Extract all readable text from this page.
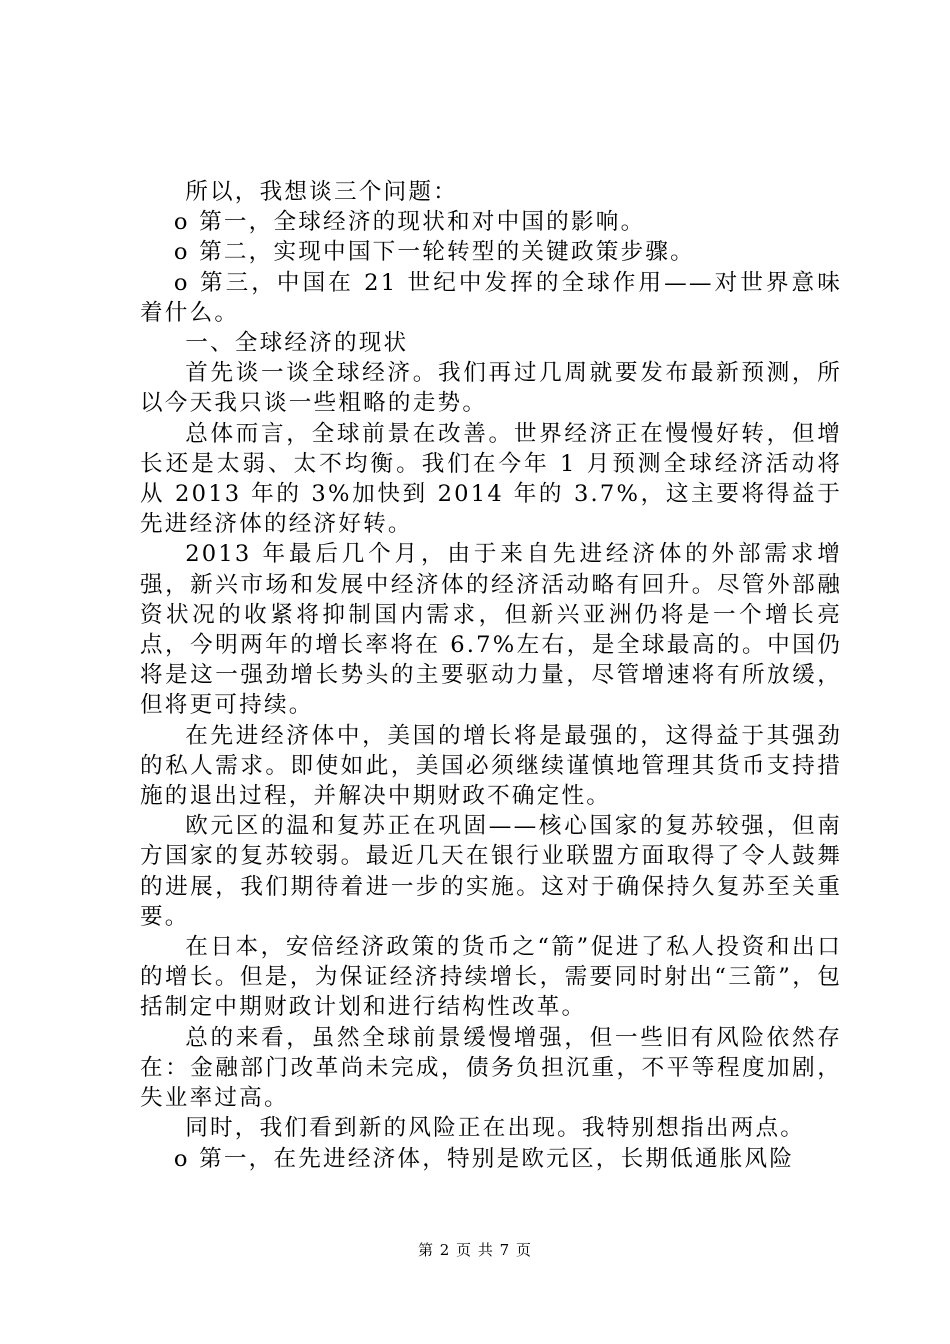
所以，我想谈三个问题：

o 第一，全球经济的现状和对中国的影响。

o 第二，实现中国下一轮转型的关键政策步骤。

o 第三，中国在 21 世纪中发挥的全球作用——对世界意味着什么。

一、全球经济的现状

首先谈一谈全球经济。我们再过几周就要发布最新预测，所以今天我只谈一些粗略的走势。

总体而言，全球前景在改善。世界经济正在慢慢好转，但增长还是太弱、太不均衡。我们在今年 1 月预测全球经济活动将从 2013 年的 3%加快到 2014 年的 3.7%，这主要将得益于先进经济体的经济好转。

2013 年最后几个月，由于来自先进经济体的外部需求增强，新兴市场和发展中经济体的经济活动略有回升。尽管外部融资状况的收紧将抑制国内需求，但新兴亚洲仍将是一个增长亮点，今明两年的增长率将在 6.7%左右，是全球最高的。中国仍将是这一强劲增长势头的主要驱动力量，尽管增速将有所放缓，但将更可持续。

在先进经济体中，美国的增长将是最强的，这得益于其强劲的私人需求。即使如此，美国必须继续谨慎地管理其货币支持措施的退出过程，并解决中期财政不确定性。

欧元区的温和复苏正在巩固——核心国家的复苏较强，但南方国家的复苏较弱。最近几天在银行业联盟方面取得了令人鼓舞的进展，我们期待着进一步的实施。这对于确保持久复苏至关重要。

在日本，安倍经济政策的货币之“箭”促进了私人投资和出口的增长。但是，为保证经济持续增长，需要同时射出“三箭”，包括制定中期财政计划和进行结构性改革。

总的来看，虽然全球前景缓慢增强，但一些旧有风险依然存在：金融部门改革尚未完成，债务负担沉重，不平等程度加剧，失业率过高。

同时，我们看到新的风险正在出现。我特别想指出两点。

o 第一，在先进经济体，特别是欧元区，长期低通胀风险

第 2 页 共 7 页
